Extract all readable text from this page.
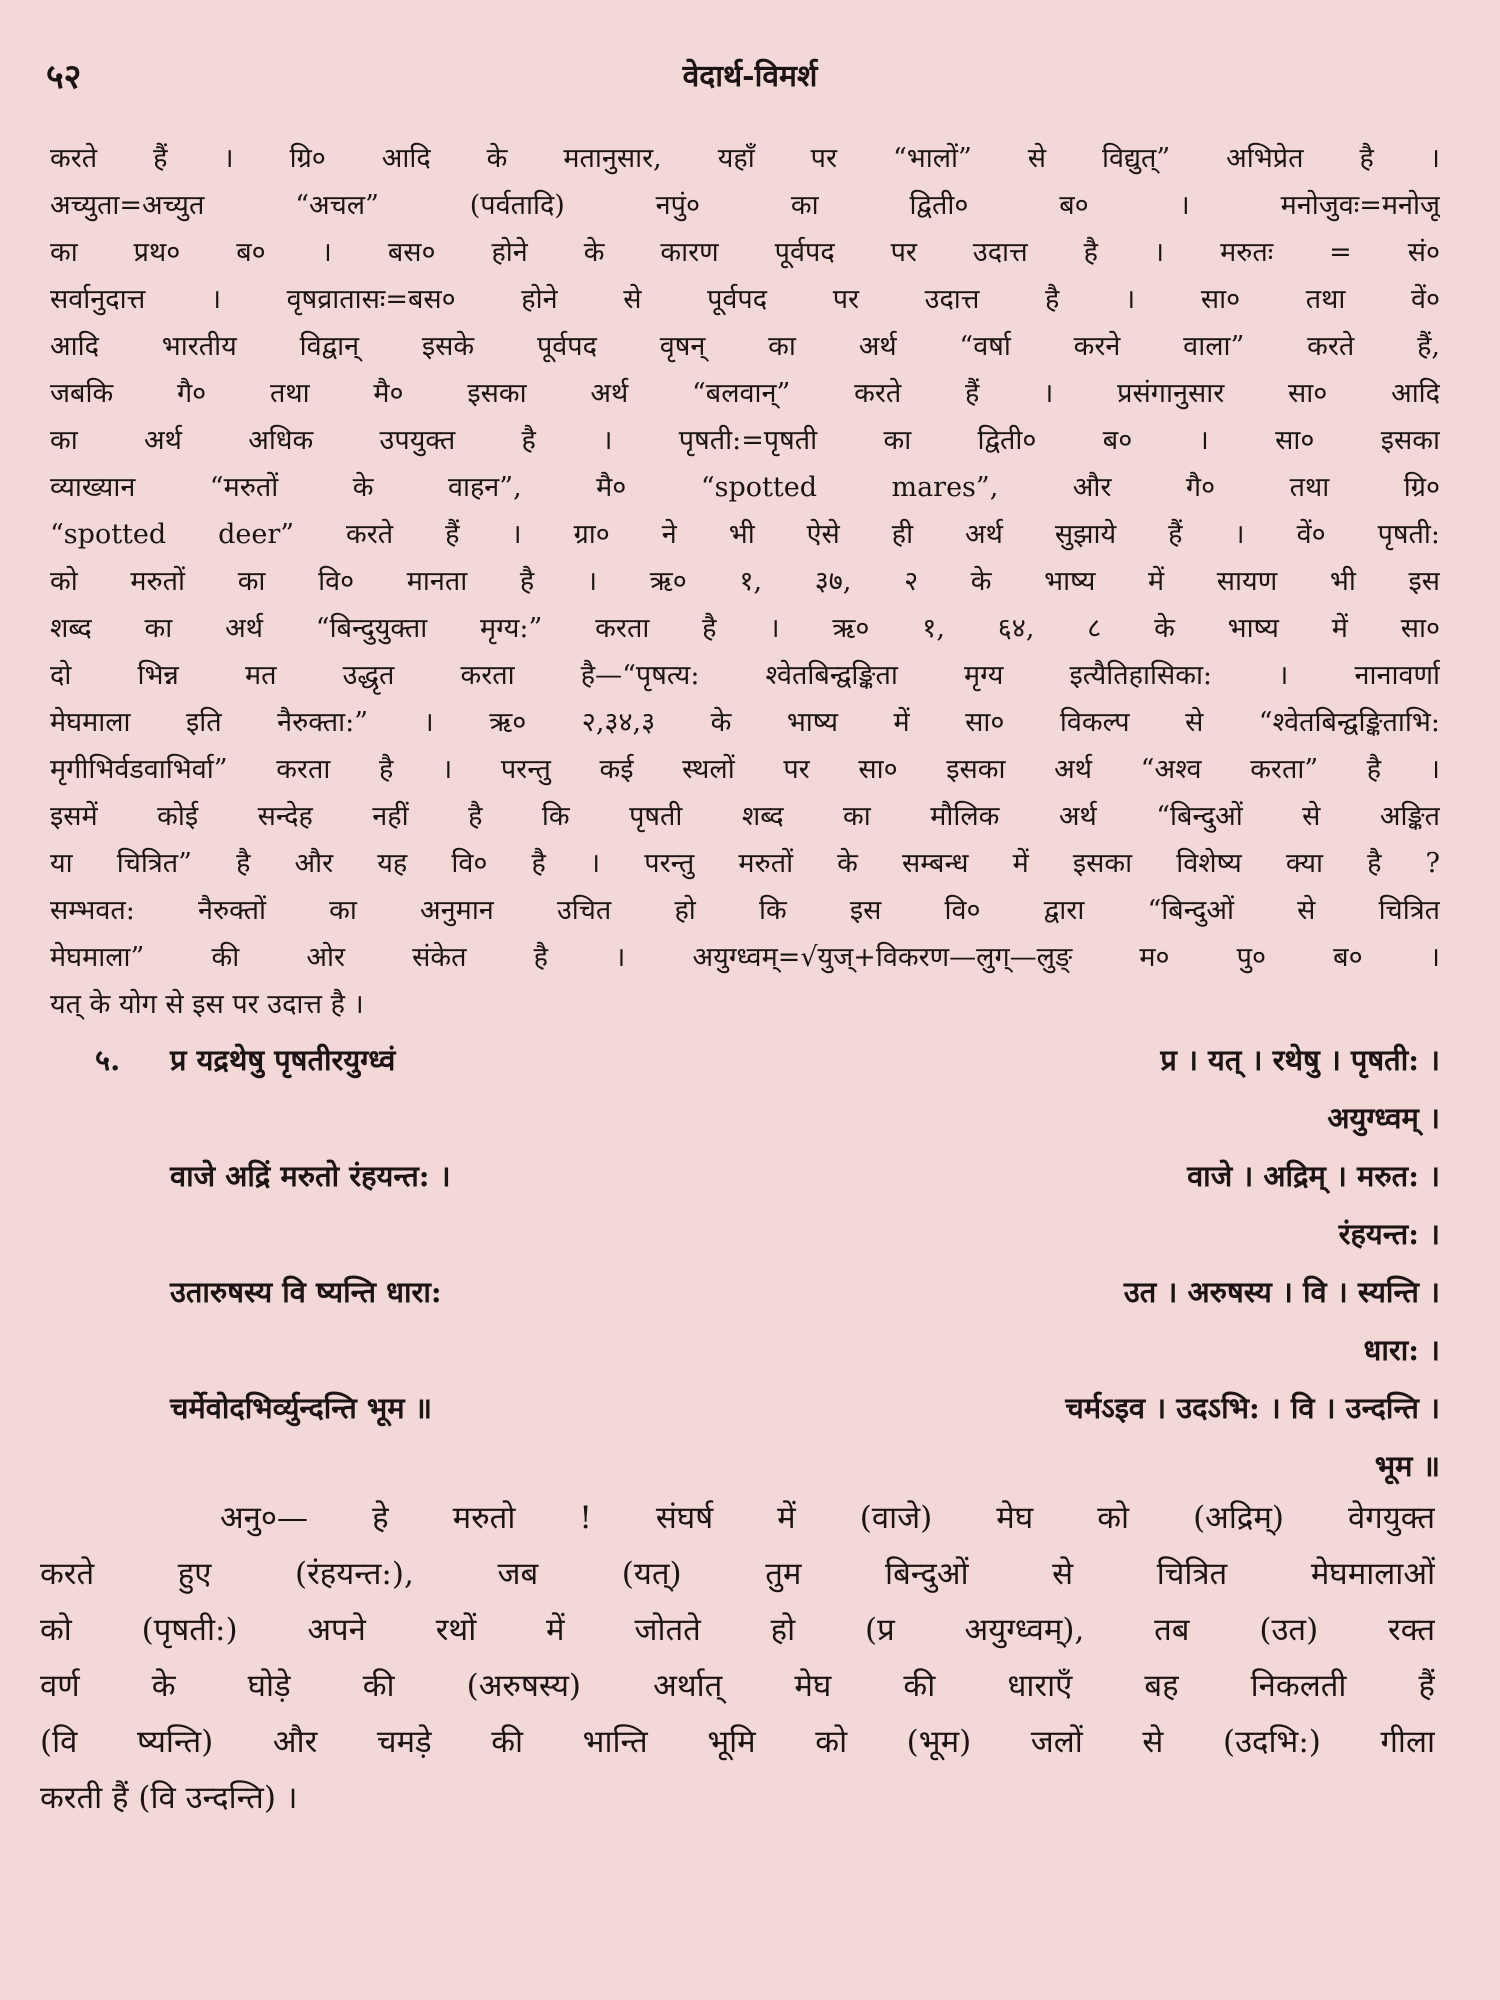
५२	वेदार्थ-विमर्श
करते हैं । ग्रि० आदि के मतानुसार, यहाँ पर “भालों” से विद्युत्” अभिप्रेत है ।
अच्युता=अच्युत “अचल” (पर्वतादि) नपुं० का द्विती० ब० । मनोजुवः=मनोजू
का प्रथ० ब० । बस० होने के कारण पूर्वपद पर उदात्त है । मरुतः = सं०
सर्वानुदात्त । वृषव्रातासः=बस० होने से पूर्वपद पर उदात्त है । सा० तथा वें०
आदि भारतीय विद्वान् इसके पूर्वपद वृषन् का अर्थ “वर्षा करने वाला” करते हैं,
जबकि गै० तथा मै० इसका अर्थ “बलवान्” करते हैं । प्रसंगानुसार सा० आदि
का अर्थ अधिक उपयुक्त है । पृषती:=पृषती का द्विती० ब० । सा० इसका
व्याख्यान “मरुतों के वाहन”, मै० “spotted mares”, और गै० तथा ग्रि०
“spotted deer” करते हैं । ग्रा० ने भी ऐसे ही अर्थ सुझाये हैं । वें० पृषती:
को मरुतों का वि० मानता है । ऋ० १, ३७, २ के भाष्य में सायण भी इस
शब्द का अर्थ “बिन्दुयुक्ता मृग्य:” करता है । ऋ० १, ६४, ८ के भाष्य में सा०
दो भिन्न मत उद्धृत करता है—“पृषत्य: श्वेतबिन्द्वङ्किता मृग्य इत्यैतिहासिका: । नानावर्णा
मेघमाला इति नैरुक्ता:” । ऋ० २,३४,३ के भाष्य में सा० विकल्प से “श्वेतबिन्द्वङ्किताभि:
मृगीभिर्वडवाभिर्वा” करता है । परन्तु कई स्थलों पर सा० इसका अर्थ “अश्व करता” है ।
इसमें कोई सन्देह नहीं है कि पृषती शब्द का मौलिक अर्थ “बिन्दुओं से अङ्कित
या चित्रित” है और यह वि० है । परन्तु मरुतों के सम्बन्ध में इसका विशेष्य क्या है ?
सम्भवत: नैरुक्तों का अनुमान उचित हो कि इस वि० द्वारा “बिन्दुओं से चित्रित
मेघमाला” की ओर संकेत है । अयुग्ध्वम्=√युज्+विकरण—लुग्—लुङ् म० पु० ब० ।
यत् के योग से इस पर उदात्त है ।
५. प्र यद्रथेषु पृषतीरयुग्ध्वं	प्र । यत् । रथेषु । पृषती: ।
अयुग्ध्वम् ।
वाजे अद्रिं मरुतो रंहयन्त: ।	वाजे । अद्रिम् । मरुत: ।
रंहयन्त: ।
उतारुषस्य वि ष्यन्ति धारा:	उत । अरुषस्य । वि । स्यन्ति ।
धारा: ।
चर्मेवोदभिर्व्युन्दन्ति भूम ॥	चर्मऽइव । उदऽभि: । वि । उन्दन्ति ।
भूम ॥
अनु०— हे मरुतो ! संघर्ष में (वाजे) मेघ को (अद्रिम्) वेगयुक्त
करते हुए (रंहयन्त:), जब (यत्) तुम बिन्दुओं से चित्रित मेघमालाओं
को (पृषती:) अपने रथों में जोतते हो (प्र अयुग्ध्वम्), तब (उत) रक्त
वर्ण के घोड़े की (अरुषस्य) अर्थात् मेघ की धाराएँ बह निकलती हैं
(वि ष्यन्ति) और चमड़े की भान्ति भूमि को (भूम) जलों से (उदभि:) गीला
करती हैं (वि उन्दन्ति) ।
